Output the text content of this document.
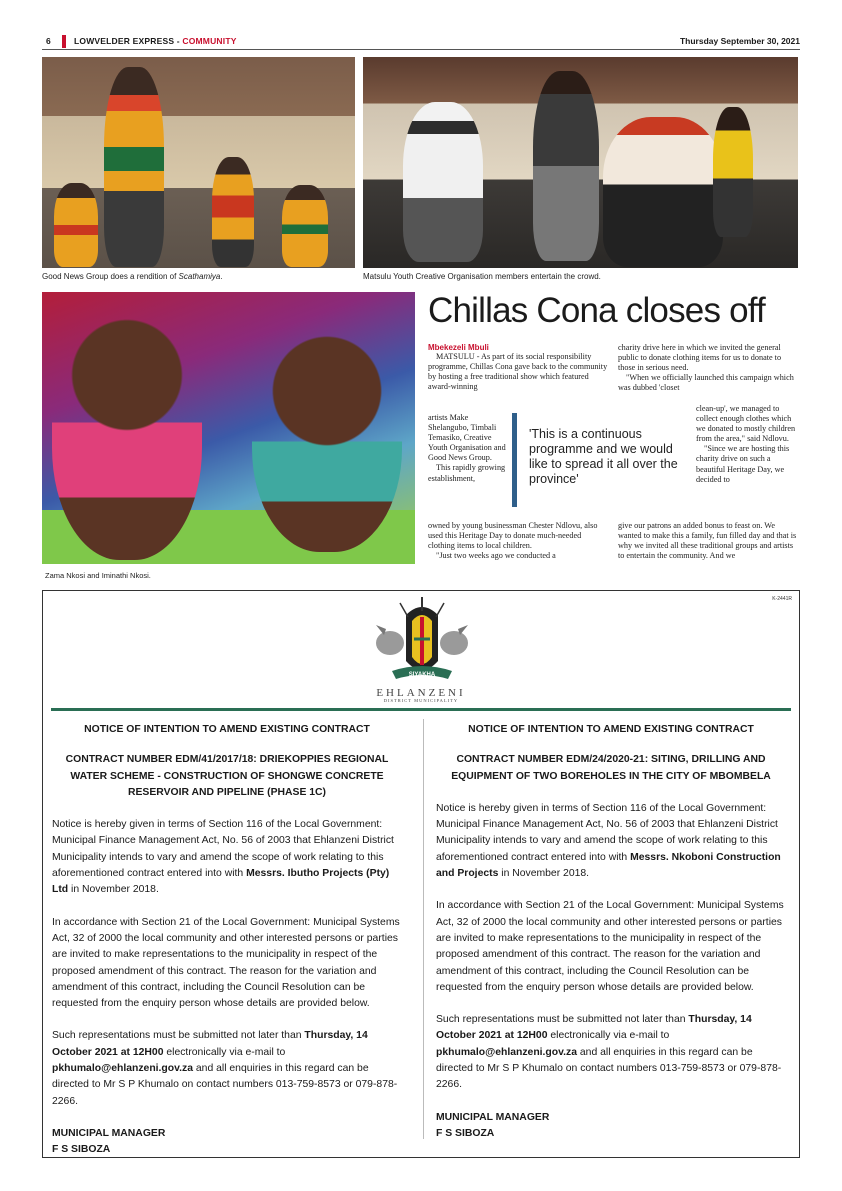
6	LOWVELDER EXPRESS - COMMUNITY	Thursday September 30, 2021
Good News Group does a rendition of Scathamiya.	Matsulu Youth Creative Organisation members entertain the crowd.
Zama Nkosi and Iminathi Nkosi.
Chillas Cona closes off
Mbekezeli Mbuli

MATSULU - As part of its social responsibility programme, Chillas Cona gave back to the community by hosting a free traditional show which featured award-winning

artists Make Shelangubo, Timbali Temasiko, Creative Youth Organisation and Good News Group.

This rapidly growing establishment,

owned by young businessman Chester Ndlovu, also used this Heritage Day to donate much-needed clothing items to local children.

"Just two weeks ago we conducted a

charity drive here in which we invited the general public to donate clothing items for us to donate to those in serious need.

"When we officially launched this campaign which was dubbed 'closet

clean-up', we managed to collect enough clothes which we donated to mostly children from the area," said Ndlovu.

"Since we are hosting this charity drive on such a beautiful Heritage Day, we decided to

give our patrons an added bonus to feast on. We wanted to make this a family, fun filled day and that is why we invited all these traditional groups and artists to entertain the community. And we
'This is a continuous programme and we would like to spread it all over the province'
K-2441R
SIYAKHA
EHLANZENI
DISTRICT MUNICIPALITY
NOTICE OF INTENTION TO AMEND EXISTING CONTRACT
CONTRACT NUMBER EDM/41/2017/18: DRIEKOPPIES REGIONAL WATER SCHEME - CONSTRUCTION OF SHONGWE CONCRETE RESERVOIR AND PIPELINE (PHASE 1C)

Notice is hereby given in terms of Section 116 of the Local Government: Municipal Finance Management Act, No. 56 of 2003 that Ehlanzeni District Municipality intends to vary and amend the scope of work relating to this aforementioned contract entered into with Messrs. Ibutho Projects (Pty) Ltd in November 2018.

In accordance with Section 21 of the Local Government: Municipal Systems Act, 32 of 2000 the local community and other interested persons or parties are invited to make representations to the municipality in respect of the proposed amendment of this contract. The reason for the variation and amendment of this contract, including the Council Resolution can be requested from the enquiry person whose details are provided below.

Such representations must be submitted not later than Thursday, 14 October 2021 at 12H00 electronically via e-mail to pkhumalo@ehlanzeni.gov.za and all enquiries in this regard can be directed to Mr S P Khumalo on contact numbers 013-759-8573 or 079-878-2266.

MUNICIPAL MANAGER
F S SIBOZA
NOTICE OF INTENTION TO AMEND EXISTING CONTRACT
CONTRACT NUMBER EDM/24/2020-21: SITING, DRILLING AND EQUIPMENT OF TWO BOREHOLES IN THE CITY OF MBOMBELA

Notice is hereby given in terms of Section 116 of the Local Government: Municipal Finance Management Act, No. 56 of 2003 that Ehlanzeni District Municipality intends to vary and amend the scope of work relating to this aforementioned contract entered into with Messrs. Nkoboni Construction and Projects in November 2018.

In accordance with Section 21 of the Local Government: Municipal Systems Act, 32 of 2000 the local community and other interested persons or parties are invited to make representations to the municipality in respect of the proposed amendment of this contract. The reason for the variation and amendment of this contract, including the Council Resolution can be requested from the enquiry person whose details are provided below.

Such representations must be submitted not later than Thursday, 14 October 2021 at 12H00 electronically via e-mail to pkhumalo@ehlanzeni.gov.za and all enquiries in this regard can be directed to Mr S P Khumalo on contact numbers 013-759-8573 or 079-878-2266.

MUNICIPAL MANAGER
F S SIBOZA
